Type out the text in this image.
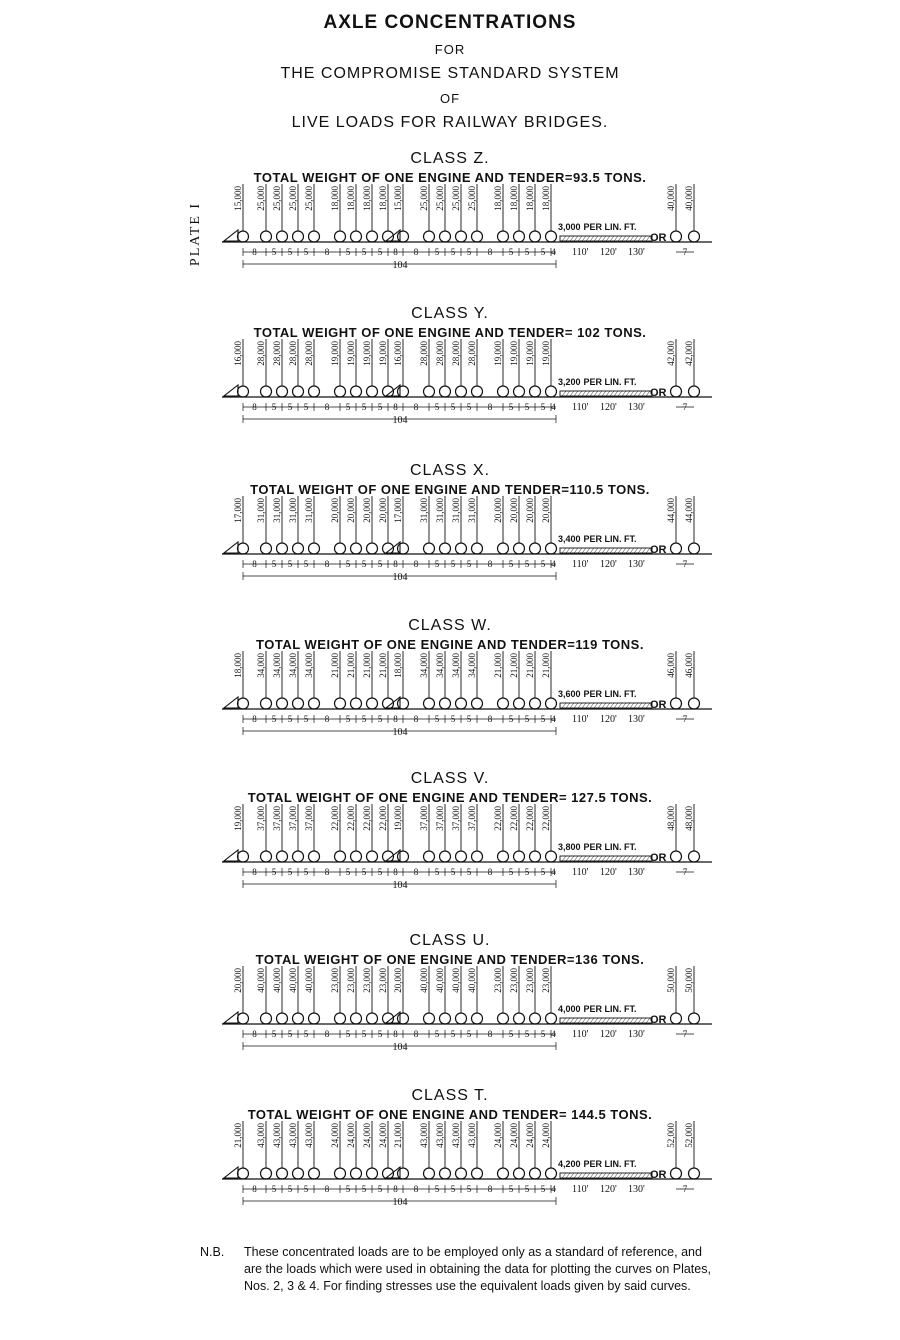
AXLE CONCENTRATIONS
FOR
THE COMPROMISE STANDARD SYSTEM
OF
LIVE LOADS FOR RAILWAY BRIDGES.
PLATE I
CLASS Z.
TOTAL WEIGHT OF ONE ENGINE AND TENDER=93.5 TONS.
15,000 25,000 25,000 25,000 25,000 18,000 18,000 18,000 18,000 15,000 25,000 25,000 25,000 25,000 18,000 18,000 18,000 18,000
3,000 PER LIN. FT.
OR
40,000 40,000
110' 120' 130'
8 5 5 5 8 5 5 5 8 8 5 5 5 8 5 5 5 4	7
104
CLASS Y.
TOTAL WEIGHT OF ONE ENGINE AND TENDER= 102 TONS.
16,000 28,000 28,000 28,000 28,000 19,000 19,000 19,000 19,000 16,000 28,000 28,000 28,000 28,000 19,000 19,000 19,000 19,000
3,200 PER LIN. FT.
OR
42,000 42,000
110' 120' 130'
8 5 5 5 8 5 5 5 8 8 5 5 5 8 5 5 5 4	7
104
CLASS X.
TOTAL WEIGHT OF ONE ENGINE AND TENDER=110.5 TONS.
17,000 31,000 31,000 31,000 31,000 20,000 20,000 20,000 20,000 17,000 31,000 31,000 31,000 31,000 20,000 20,000 20,000 20,000
3,400 PER LIN. FT.
OR
44,000 44,000
110' 120' 130'
8 5 5 5 8 5 5 5 8 8 5 5 5 8 5 5 5 4	7
104
CLASS W.
TOTAL WEIGHT OF ONE ENGINE AND TENDER=119 TONS.
18,000 34,000 34,000 34,000 34,000 21,000 21,000 21,000 21,000 18,000 34,000 34,000 34,000 34,000 21,000 21,000 21,000 21,000
3,600 PER LIN. FT.
OR
46,000 46,000
110' 120' 130'
8 5 5 5 8 5 5 5 8 8 5 5 5 8 5 5 5 4	7
104
CLASS V.
TOTAL WEIGHT OF ONE ENGINE AND TENDER= 127.5 TONS.
19,000 37,000 37,000 37,000 37,000 22,000 22,000 22,000 22,000 19,000 37,000 37,000 37,000 37,000 22,000 22,000 22,000 22,000
3,800 PER LIN. FT.
OR
48,000 48,000
110' 120' 130'
8 5 5 5 8 5 5 5 8 8 5 5 5 8 5 5 5 4	7
104
CLASS U.
TOTAL WEIGHT OF ONE ENGINE AND TENDER=136 TONS.
20,000 40,000 40,000 40,000 40,000 23,000 23,000 23,000 23,000 20,000 40,000 40,000 40,000 40,000 23,000 23,000 23,000 23,000
4,000 PER LIN. FT.
OR
50,000 50,000
110' 120' 130'
8 5 5 5 8 5 5 5 8 8 5 5 5 8 5 5 5 4	7
104
CLASS T.
TOTAL WEIGHT OF ONE ENGINE AND TENDER= 144.5 TONS.
21,000 43,000 43,000 43,000 43,000 24,000 24,000 24,000 24,000 21,000 43,000 43,000 43,000 43,000 24,000 24,000 24,000 24,000
4,200 PER LIN. FT.
OR
52,000 52,000
110' 120' 130'
8 5 5 5 8 5 5 5 8 8 5 5 5 8 5 5 5 4	7
104
N.B. These concentrated loads are to be employed only as a standard of reference, and are the loads which were used in obtaining the data for plotting the curves on Plates, Nos. 2, 3 & 4. For finding stresses use the equivalent loads given by said curves.
